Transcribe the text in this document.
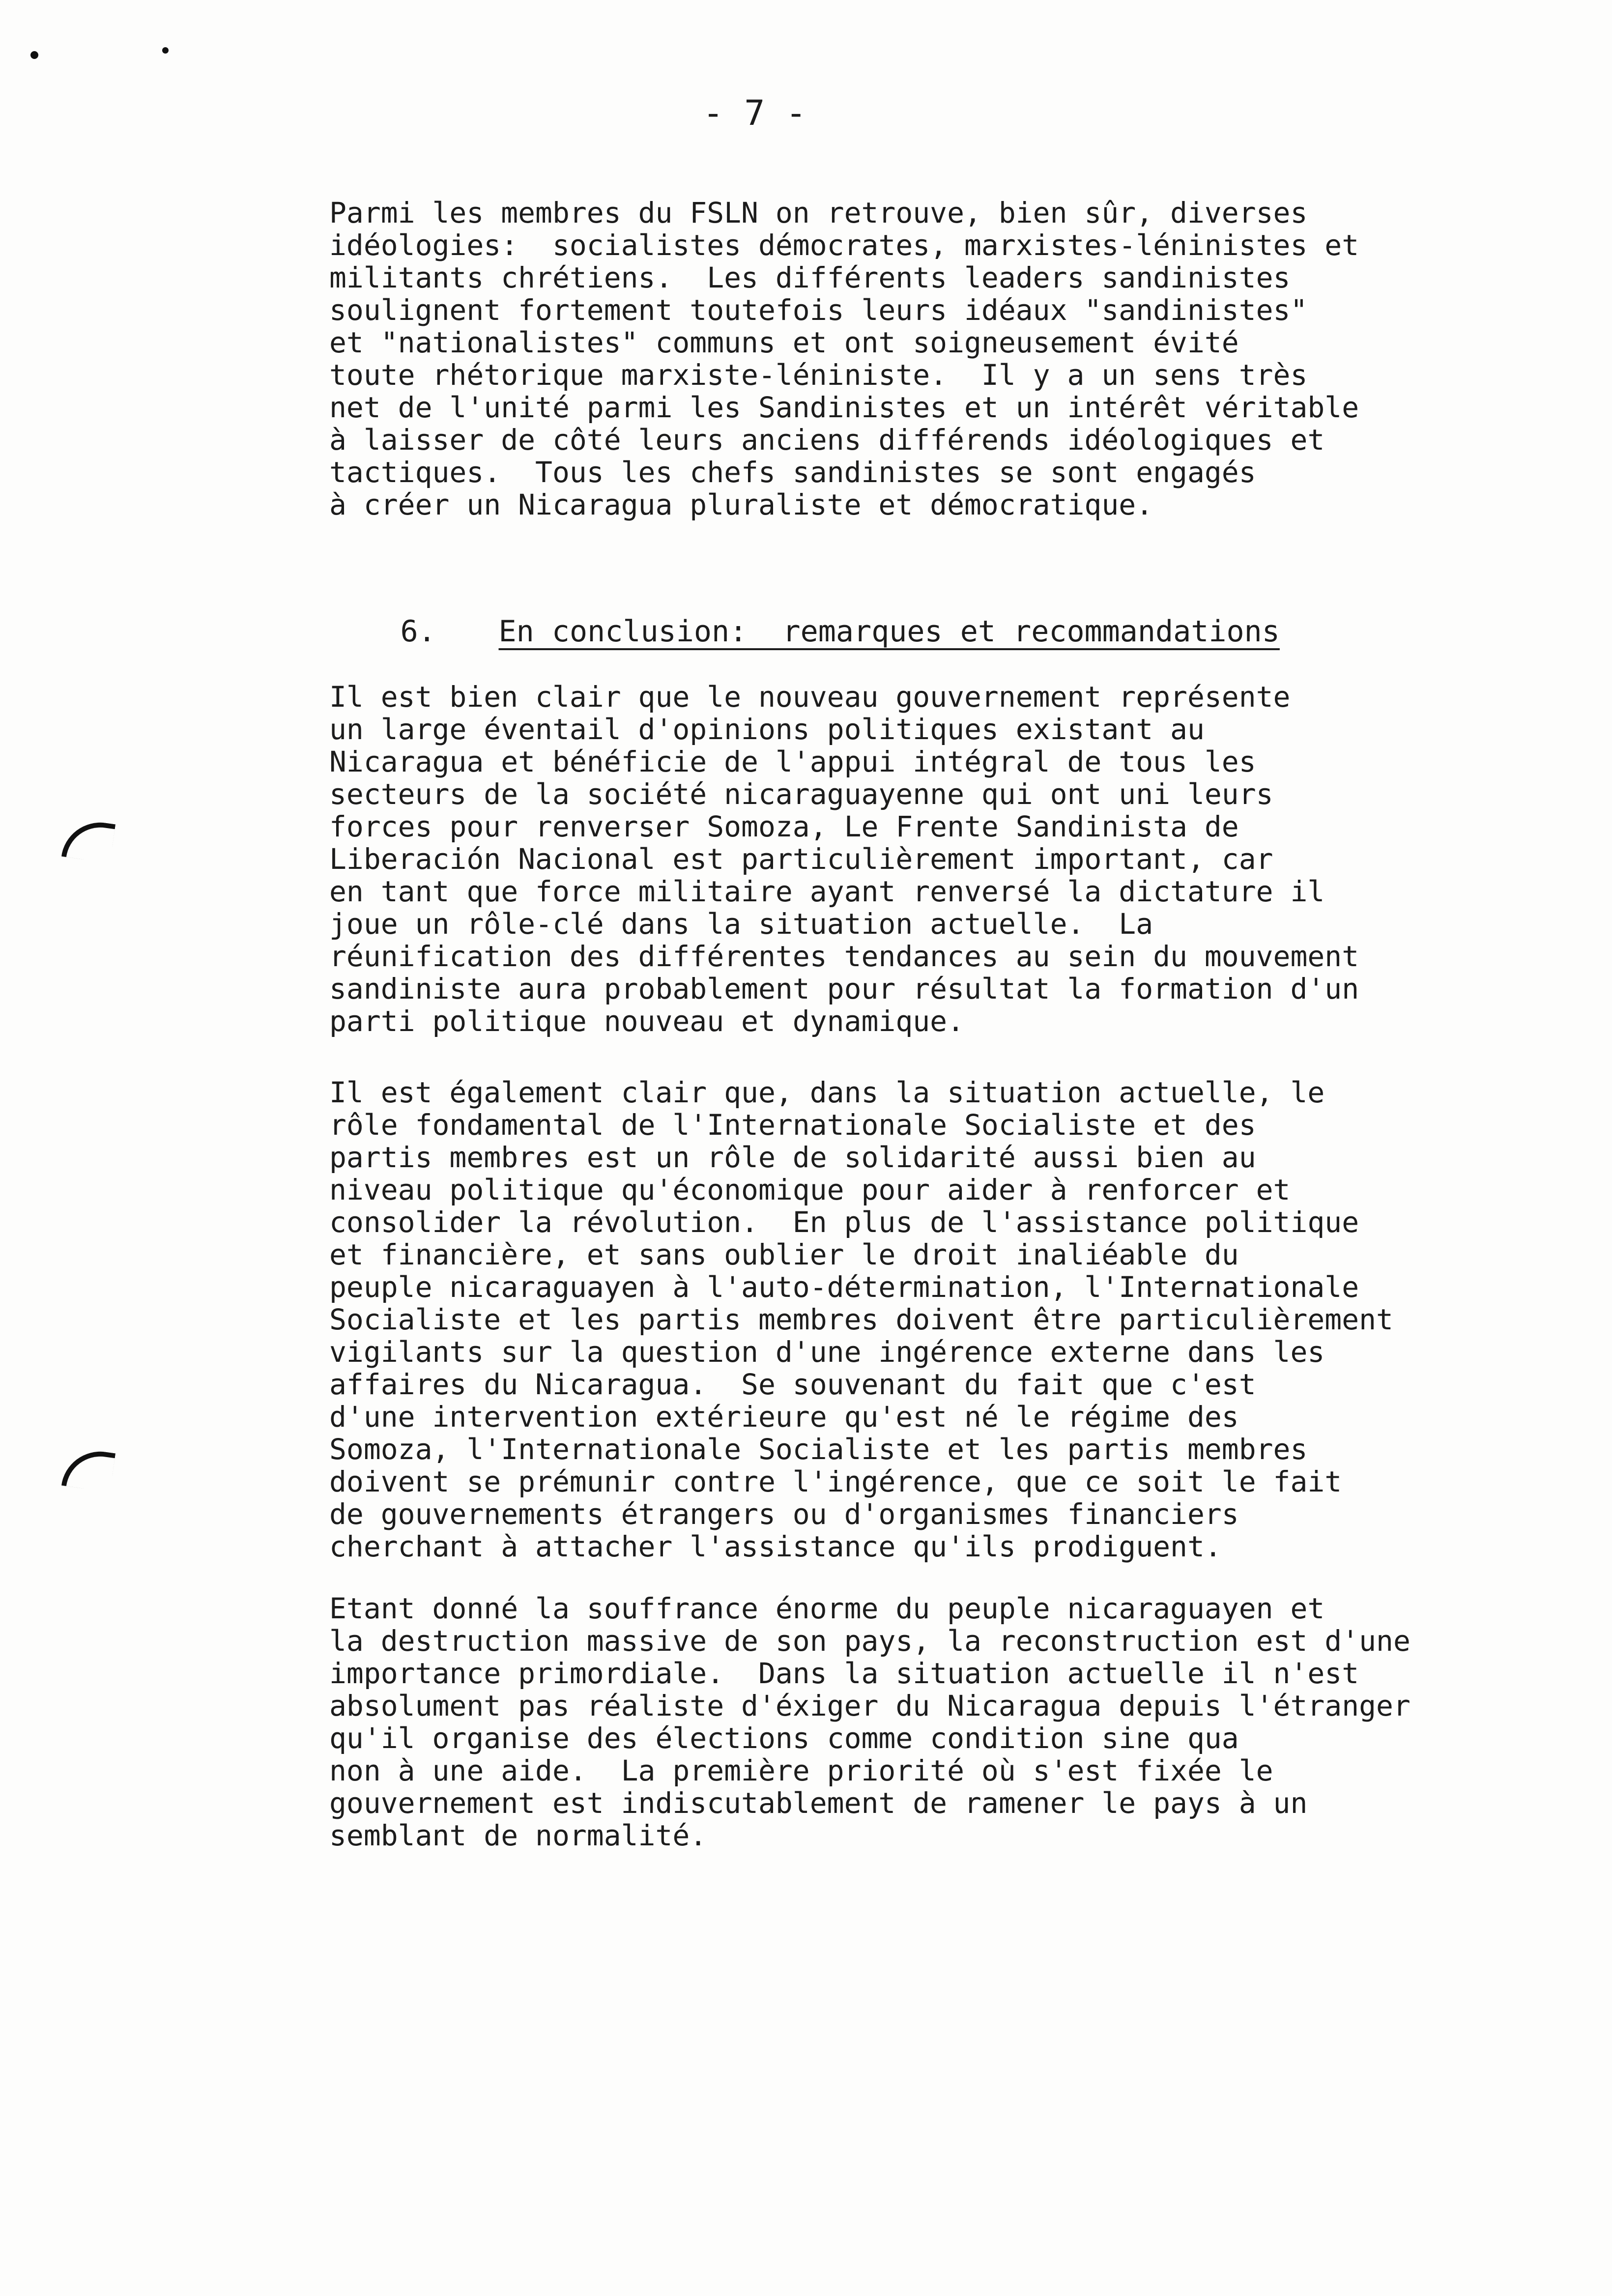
- 7 -
Parmi les membres du FSLN on retrouve, bien sûr, diverses
idéologies:  socialistes démocrates, marxistes-léninistes et
militants chrétiens.  Les différents leaders sandinistes
soulignent fortement toutefois leurs idéaux "sandinistes"
et "nationalistes" communs et ont soigneusement évité
toute rhétorique marxiste-léniniste.  Il y a un sens très
net de l'unité parmi les Sandinistes et un intérêt véritable
à laisser de côté leurs anciens différends idéologiques et
tactiques.  Tous les chefs sandinistes se sont engagés
à créer un Nicaragua pluraliste et démocratique.

6. En conclusion:  remarques et recommandations

Il est bien clair que le nouveau gouvernement représente
un large éventail d'opinions politiques existant au
Nicaragua et bénéficie de l'appui intégral de tous les
secteurs de la société nicaraguayenne qui ont uni leurs
forces pour renverser Somoza, Le Frente Sandinista de
Liberación Nacional est particulièrement important, car
en tant que force militaire ayant renversé la dictature il
joue un rôle-clé dans la situation actuelle.  La
réunification des différentes tendances au sein du mouvement
sandiniste aura probablement pour résultat la formation d'un
parti politique nouveau et dynamique.
Il est également clair que, dans la situation actuelle, le
rôle fondamental de l'Internationale Socialiste et des
partis membres est un rôle de solidarité aussi bien au
niveau politique qu'économique pour aider à renforcer et
consolider la révolution.  En plus de l'assistance politique
et financière, et sans oublier le droit inaliéable du
peuple nicaraguayen à l'auto-détermination, l'Internationale
Socialiste et les partis membres doivent être particulièrement
vigilants sur la question d'une ingérence externe dans les
affaires du Nicaragua.  Se souvenant du fait que c'est
d'une intervention extérieure qu'est né le régime des
Somoza, l'Internationale Socialiste et les partis membres
doivent se prémunir contre l'ingérence, que ce soit le fait
de gouvernements étrangers ou d'organismes financiers
cherchant à attacher l'assistance qu'ils prodiguent.
Etant donné la souffrance énorme du peuple nicaraguayen et
la destruction massive de son pays, la reconstruction est d'une
importance primordiale.  Dans la situation actuelle il n'est
absolument pas réaliste d'éxiger du Nicaragua depuis l'étranger
qu'il organise des élections comme condition sine qua
non à une aide.  La première priorité où s'est fixée le
gouvernement est indiscutablement de ramener le pays à un
semblant de normalité.
